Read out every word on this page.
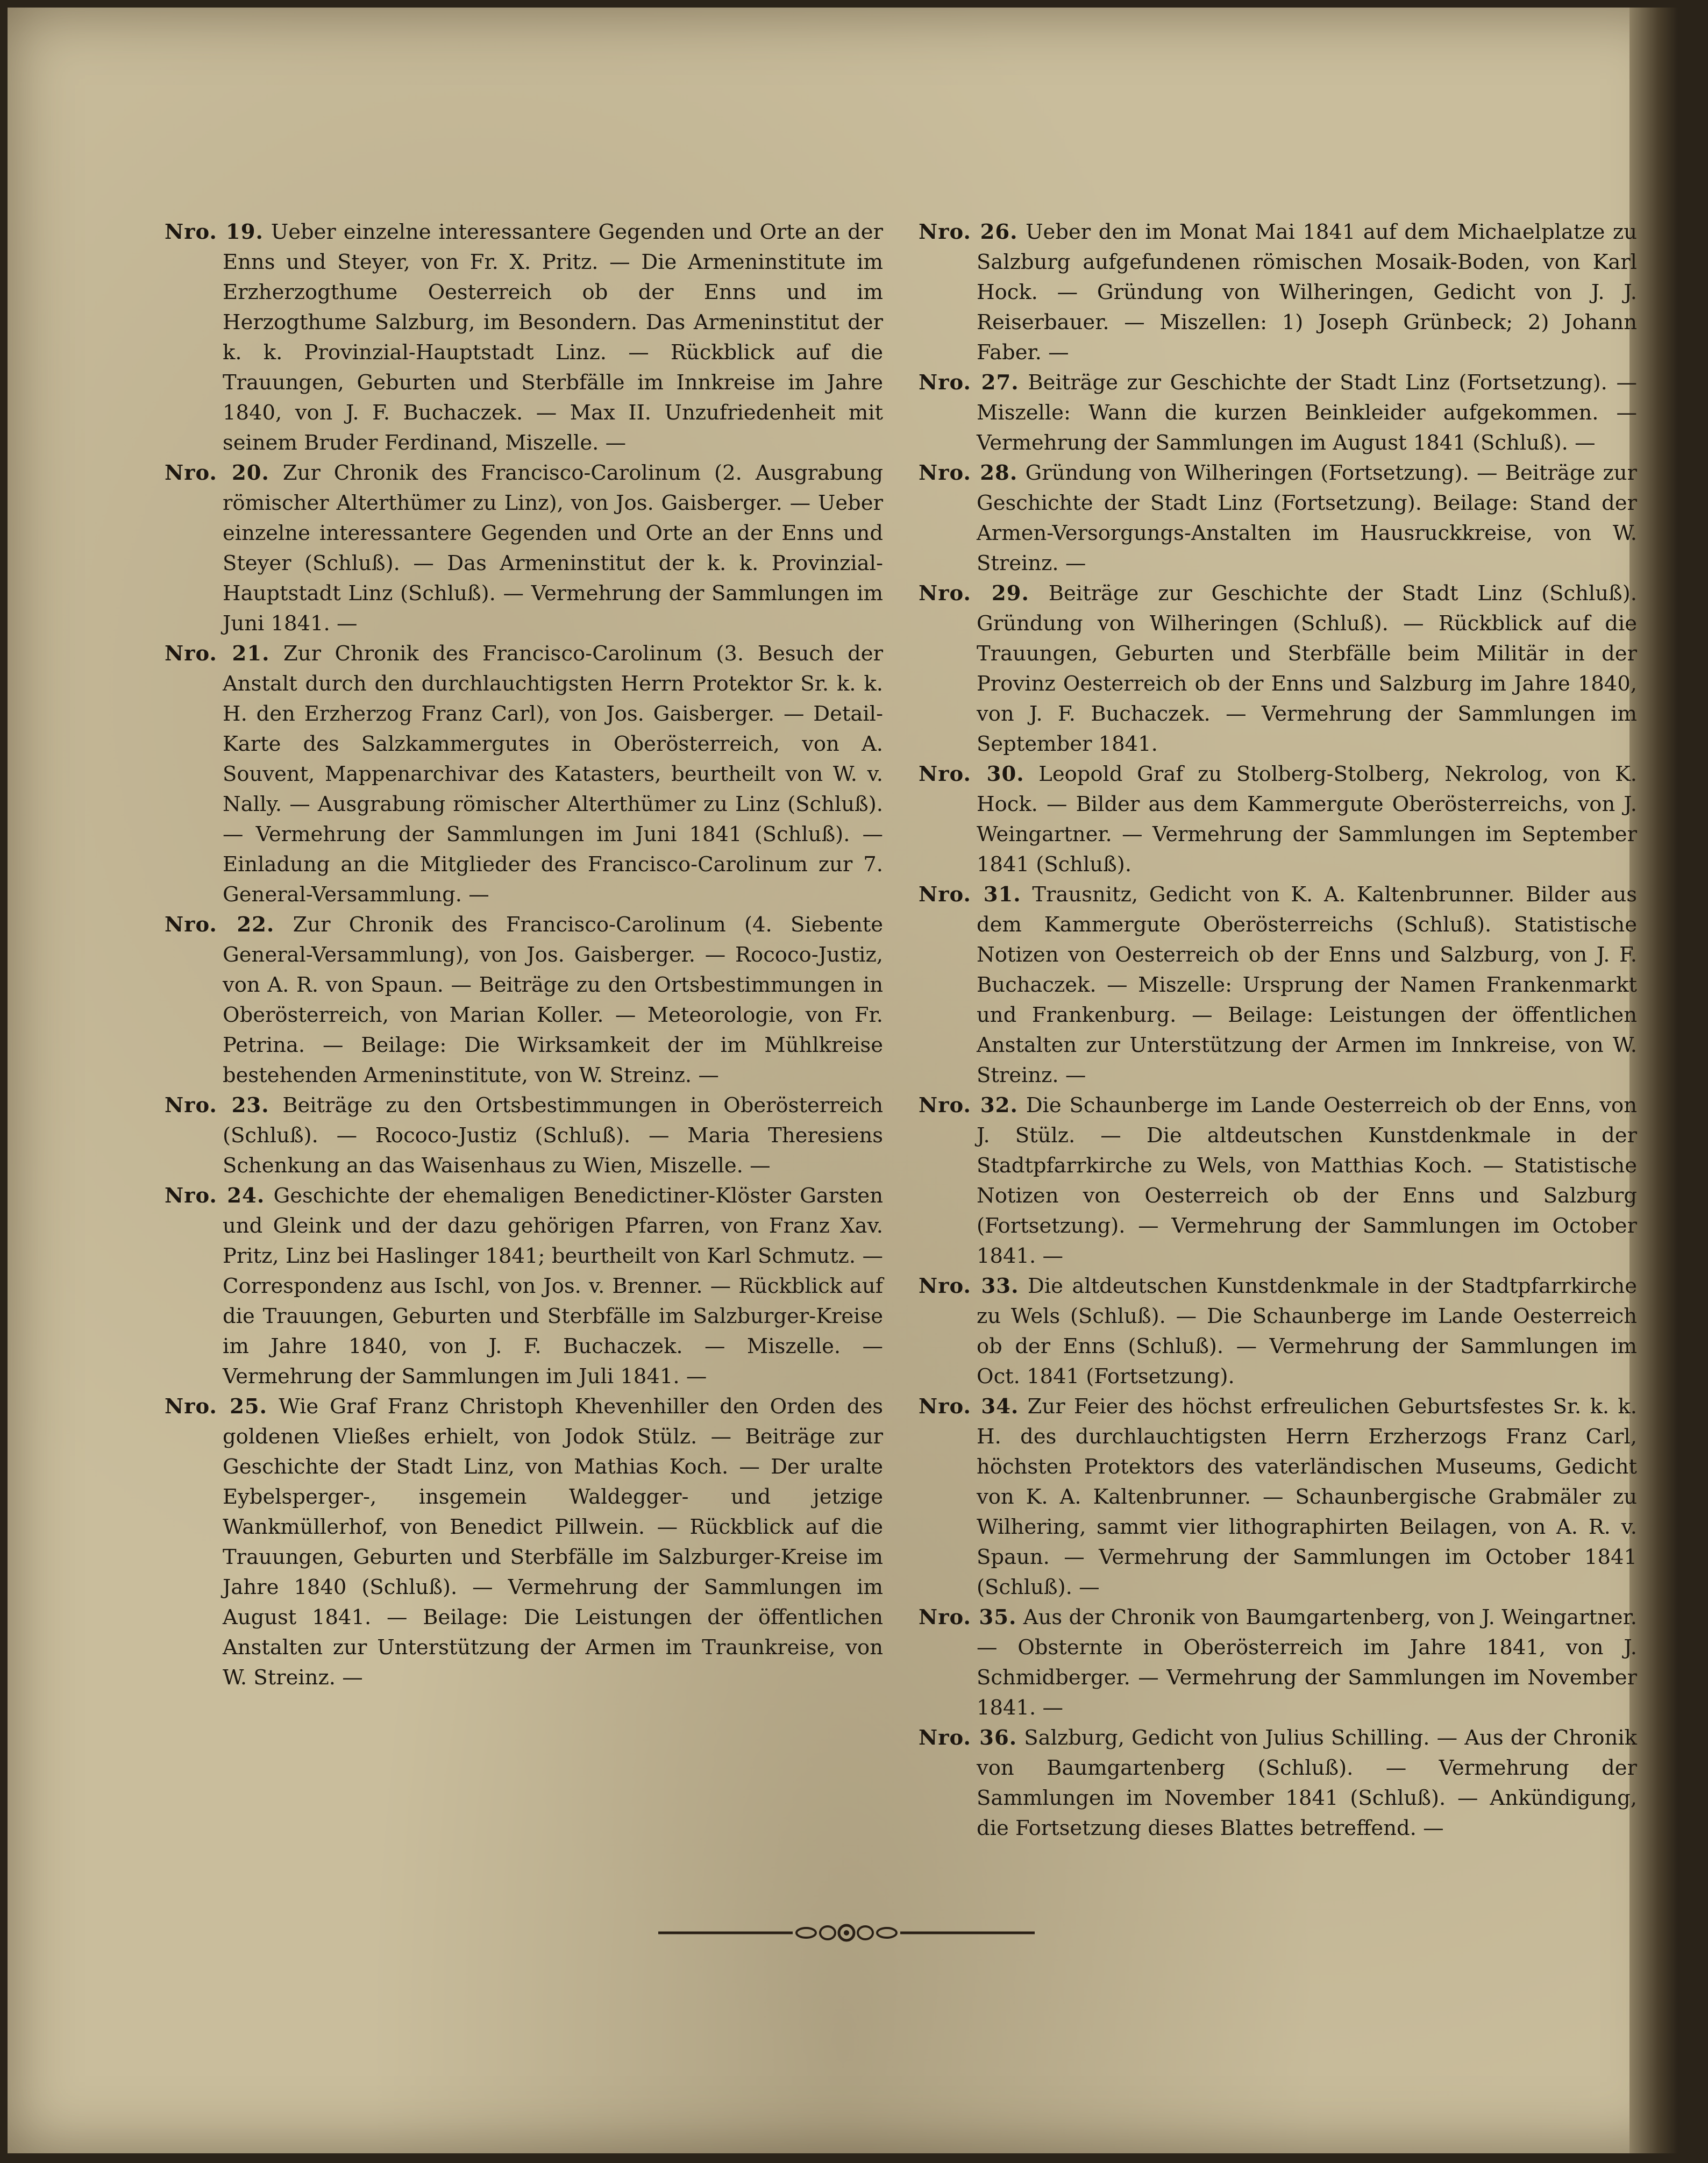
Nro. 19. Ueber einzelne interessantere Gegenden und Orte an der Enns und Steyer, von Fr. X. Pritz. — Die Armeninstitute im Erzherzogthume Oesterreich ob der Enns und im Herzogthume Salzburg, im Besondern. Das Armeninstitut der k. k. Provinzial-Hauptstadt Linz. — Rückblick auf die Trauungen, Geburten und Sterbfälle im Innkreise im Jahre 1840, von J. F. Buchaczek. — Max II. Unzufriedenheit mit seinem Bruder Ferdinand, Miszelle. —

Nro. 20. Zur Chronik des Francisco-Carolinum (2. Ausgrabung römischer Alterthümer zu Linz), von Jos. Gaisberger. — Ueber einzelne interessantere Gegenden und Orte an der Enns und Steyer (Schluß). — Das Armeninstitut der k. k. Provinzial-Hauptstadt Linz (Schluß). — Vermehrung der Sammlungen im Juni 1841. —

Nro. 21. Zur Chronik des Francisco-Carolinum (3. Besuch der Anstalt durch den durchlauchtigsten Herrn Protektor Sr. k. k. H. den Erzherzog Franz Carl), von Jos. Gaisberger. — Detail-Karte des Salzkammergutes in Oberösterreich, von A. Souvent, Mappenarchivar des Katasters, beurtheilt von W. v. Nally. — Ausgrabung römischer Alterthümer zu Linz (Schluß). — Vermehrung der Sammlungen im Juni 1841 (Schluß). — Einladung an die Mitglieder des Francisco-Carolinum zur 7. General-Versammlung. —

Nro. 22. Zur Chronik des Francisco-Carolinum (4. Siebente General-Versammlung), von Jos. Gaisberger. — Rococo-Justiz, von A. R. von Spaun. — Beiträge zu den Ortsbestimmungen in Oberösterreich, von Marian Koller. — Meteorologie, von Fr. Petrina. — Beilage: Die Wirksamkeit der im Mühlkreise bestehenden Armeninstitute, von W. Streinz. —

Nro. 23. Beiträge zu den Ortsbestimmungen in Oberösterreich (Schluß). — Rococo-Justiz (Schluß). — Maria Theresiens Schenkung an das Waisenhaus zu Wien, Miszelle. —

Nro. 24. Geschichte der ehemaligen Benedictiner-Klöster Garsten und Gleink und der dazu gehörigen Pfarren, von Franz Xav. Pritz, Linz bei Haslinger 1841; beurtheilt von Karl Schmutz. — Correspondenz aus Ischl, von Jos. v. Brenner. — Rückblick auf die Trauungen, Geburten und Sterbfälle im Salzburger-Kreise im Jahre 1840, von J. F. Buchaczek. — Miszelle. — Vermehrung der Sammlungen im Juli 1841. —

Nro. 25. Wie Graf Franz Christoph Khevenhiller den Orden des goldenen Vließes erhielt, von Jodok Stülz. — Beiträge zur Geschichte der Stadt Linz, von Mathias Koch. — Der uralte Eybelsperger-, insgemein Waldegger- und jetzige Wankmüllerhof, von Benedict Pillwein. — Rückblick auf die Trauungen, Geburten und Sterbfälle im Salzburger-Kreise im Jahre 1840 (Schluß). — Vermehrung der Sammlungen im August 1841. — Beilage: Die Leistungen der öffentlichen Anstalten zur Unterstützung der Armen im Traunkreise, von W. Streinz. —

Nro. 26. Ueber den im Monat Mai 1841 auf dem Michaelplatze zu Salzburg aufgefundenen römischen Mosaik-Boden, von Karl Hock. — Gründung von Wilheringen, Gedicht von J. J. Reiserbauer. — Miszellen: 1) Joseph Grünbeck; 2) Johann Faber. —

Nro. 27. Beiträge zur Geschichte der Stadt Linz (Fortsetzung). — Miszelle: Wann die kurzen Beinkleider aufgekommen. — Vermehrung der Sammlungen im August 1841 (Schluß). —

Nro. 28. Gründung von Wilheringen (Fortsetzung). — Beiträge zur Geschichte der Stadt Linz (Fortsetzung). Beilage: Stand der Armen-Versorgungs-Anstalten im Hausruckkreise, von W. Streinz. —

Nro. 29. Beiträge zur Geschichte der Stadt Linz (Schluß). Gründung von Wilheringen (Schluß). — Rückblick auf die Trauungen, Geburten und Sterbfälle beim Militär in der Provinz Oesterreich ob der Enns und Salzburg im Jahre 1840, von J. F. Buchaczek. — Vermehrung der Sammlungen im September 1841.

Nro. 30. Leopold Graf zu Stolberg-Stolberg, Nekrolog, von K. Hock. — Bilder aus dem Kammergute Oberösterreichs, von J. Weingartner. — Vermehrung der Sammlungen im September 1841 (Schluß).

Nro. 31. Trausnitz, Gedicht von K. A. Kaltenbrunner. Bilder aus dem Kammergute Oberösterreichs (Schluß). Statistische Notizen von Oesterreich ob der Enns und Salzburg, von J. F. Buchaczek. — Miszelle: Ursprung der Namen Frankenmarkt und Frankenburg. — Beilage: Leistungen der öffentlichen Anstalten zur Unterstützung der Armen im Innkreise, von W. Streinz. —

Nro. 32. Die Schaunberge im Lande Oesterreich ob der Enns, von J. Stülz. — Die altdeutschen Kunstdenkmale in der Stadtpfarrkirche zu Wels, von Matthias Koch. — Statistische Notizen von Oesterreich ob der Enns und Salzburg (Fortsetzung). — Vermehrung der Sammlungen im October 1841. —

Nro. 33. Die altdeutschen Kunstdenkmale in der Stadtpfarrkirche zu Wels (Schluß). — Die Schaunberge im Lande Oesterreich ob der Enns (Schluß). — Vermehrung der Sammlungen im Oct. 1841 (Fortsetzung).

Nro. 34. Zur Feier des höchst erfreulichen Geburtsfestes Sr. k. k. H. des durchlauchtigsten Herrn Erzherzogs Franz Carl, höchsten Protektors des vaterländischen Museums, Gedicht von K. A. Kaltenbrunner. — Schaunbergische Grabmäler zu Wilhering, sammt vier lithographirten Beilagen, von A. R. v. Spaun. — Vermehrung der Sammlungen im October 1841 (Schluß). —

Nro. 35. Aus der Chronik von Baumgartenberg, von J. Weingartner. — Obsternte in Oberösterreich im Jahre 1841, von J. Schmidberger. — Vermehrung der Sammlungen im November 1841. —

Nro. 36. Salzburg, Gedicht von Julius Schilling. — Aus der Chronik von Baumgartenberg (Schluß). — Vermehrung der Sammlungen im November 1841 (Schluß). — Ankündigung, die Fortsetzung dieses Blattes betreffend. —
